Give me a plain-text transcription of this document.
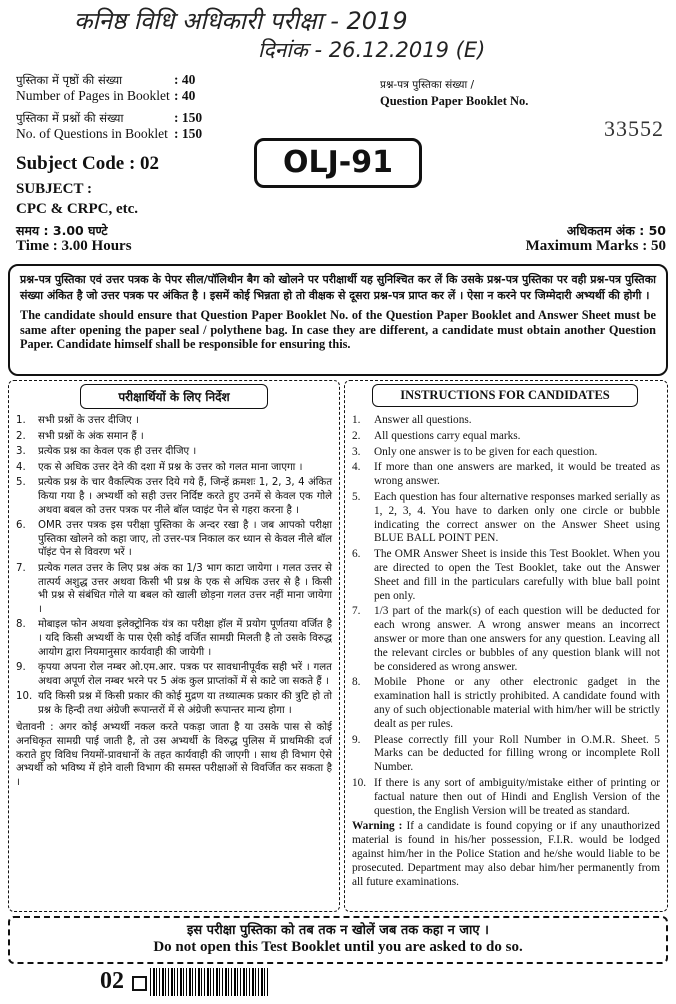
कनिष्ठ विधि अधिकारी परीक्षा - 2019
दिनांक - 26.12.2019 (E)
पुस्तिका में पृष्ठों की संख्या
Number of Pages in Booklet : 40
पुस्तिका में प्रश्नों की संख्या
No. of Questions in Booklet : 150
: 40
: 150
प्रश्न-पत्र पुस्तिका संख्या /
Question Paper Booklet No.
33552
Subject Code : 02
SUBJECT :
CPC & CRPC, etc.
समय : 3.00 घण्टे
Time : 3.00 Hours
OLJ-91
अधिकतम अंक : 50
Maximum Marks : 50
प्रश्न-पत्र पुस्तिका एवं उत्तर पत्रक के पेपर सील/पॉलिथीन बैग को खोलने पर परीक्षार्थी यह सुनिश्चित कर लें कि उसके प्रश्न-पत्र पुस्तिका पर वही प्रश्न-पत्र पुस्तिका संख्या अंकित है जो उत्तर पत्रक पर अंकित है । इसमें कोई भिन्नता हो तो वीक्षक से दूसरा प्रश्न-पत्र प्राप्त कर लें । ऐसा न करने पर जिम्मेदारी अभ्यर्थी की होगी ।
The candidate should ensure that Question Paper Booklet No. of the Question Paper Booklet and Answer Sheet must be same after opening the paper seal / polythene bag. In case they are different, a candidate must obtain another Question Paper. Candidate himself shall be responsible for ensuring this.
परीक्षार्थियों के लिए निर्देश
1. सभी प्रश्नों के उत्तर दीजिए ।
2. सभी प्रश्नों के अंक समान हैं ।
3. प्रत्येक प्रश्न का केवल एक ही उत्तर दीजिए ।
4. एक से अधिक उत्तर देने की दशा में प्रश्न के उत्तर को गलत माना जाएगा ।
5. प्रत्येक प्रश्न के चार वैकल्पिक उत्तर दिये गये हैं, जिन्हें क्रमशः 1, 2, 3, 4 अंकित किया गया है । अभ्यर्थी को सही उत्तर निर्दिष्ट करते हुए उनमें से केवल एक गोले अथवा बबल को उत्तर पत्रक पर नीले बॉल प्वाइंट पेन से गहरा करना है ।
6. OMR उत्तर पत्रक इस परीक्षा पुस्तिका के अन्दर रखा है । जब आपको परीक्षा पुस्तिका खोलने को कहा जाए, तो उत्तर-पत्र निकाल कर ध्यान से केवल नीले बॉल पॉइंट पेन से विवरण भरें ।
7. प्रत्येक गलत उत्तर के लिए प्रश्न अंक का 1/3 भाग काटा जायेगा । गलत उत्तर से तात्पर्य अशुद्ध उत्तर अथवा किसी भी प्रश्न के एक से अधिक उत्तर से है । किसी भी प्रश्न से संबंधित गोले या बबल को खाली छोड़ना गलत उत्तर नहीं माना जायेगा ।
8. मोबाइल फोन अथवा इलेक्ट्रोनिक यंत्र का परीक्षा हॉल में प्रयोग पूर्णतया वर्जित है । यदि किसी अभ्यर्थी के पास ऐसी कोई वर्जित सामग्री मिलती है तो उसके विरुद्ध आयोग द्वारा नियमानुसार कार्यवाही की जायेगी ।
9. कृपया अपना रोल नम्बर ओ.एम.आर. पत्रक पर सावधानीपूर्वक सही भरें । गलत अथवा अपूर्ण रोल नम्बर भरने पर 5 अंक कुल प्राप्तांकों में से काटे जा सकते हैं ।
10. यदि किसी प्रश्न में किसी प्रकार की कोई मुद्रण या तथ्यात्मक प्रकार की त्रुटि हो तो प्रश्न के हिन्दी तथा अंग्रेजी रूपान्तरों में से अंग्रेजी रूपान्तर मान्य होगा ।
चेतावनी : अगर कोई अभ्यर्थी नकल करते पकड़ा जाता है या उसके पास से कोई अनधिकृत सामग्री पाई जाती है, तो उस अभ्यर्थी के विरुद्ध पुलिस में प्राथमिकी दर्ज कराते हुए विविध नियमों-प्रावधानों के तहत कार्यवाही की जाएगी । साथ ही विभाग ऐसे अभ्यर्थी को भविष्य में होने वाली विभाग की समस्त परीक्षाओं से विवर्जित कर सकता है ।
INSTRUCTIONS FOR CANDIDATES
1. Answer all questions.
2. All questions carry equal marks.
3. Only one answer is to be given for each question.
4. If more than one answers are marked, it would be treated as wrong answer.
5. Each question has four alternative responses marked serially as 1, 2, 3, 4. You have to darken only one circle or bubble indicating the correct answer on the Answer Sheet using BLUE BALL POINT PEN.
6. The OMR Answer Sheet is inside this Test Booklet. When you are directed to open the Test Booklet, take out the Answer Sheet and fill in the particulars carefully with blue ball point pen only.
7. 1/3 part of the mark(s) of each question will be deducted for each wrong answer. A wrong answer means an incorrect answer or more than one answers for any question. Leaving all the relevant circles or bubbles of any question blank will not be considered as wrong answer.
8. Mobile Phone or any other electronic gadget in the examination hall is strictly prohibited. A candidate found with any of such objectionable material with him/her will be strictly dealt as per rules.
9. Please correctly fill your Roll Number in O.M.R. Sheet. 5 Marks can be deducted for filling wrong or incomplete Roll Number.
10. If there is any sort of ambiguity/mistake either of printing or factual nature then out of Hindi and English Version of the question, the English Version will be treated as standard.
Warning : If a candidate is found copying or if any unauthorized material is found in his/her possession, F.I.R. would be lodged against him/her in the Police Station and he/she would liable to be prosecuted. Department may also debar him/her permanently from all future examinations.
इस परीक्षा पुस्तिका को तब तक न खोलें जब तक कहा न जाए ।
Do not open this Test Booklet until you are asked to do so.
02
